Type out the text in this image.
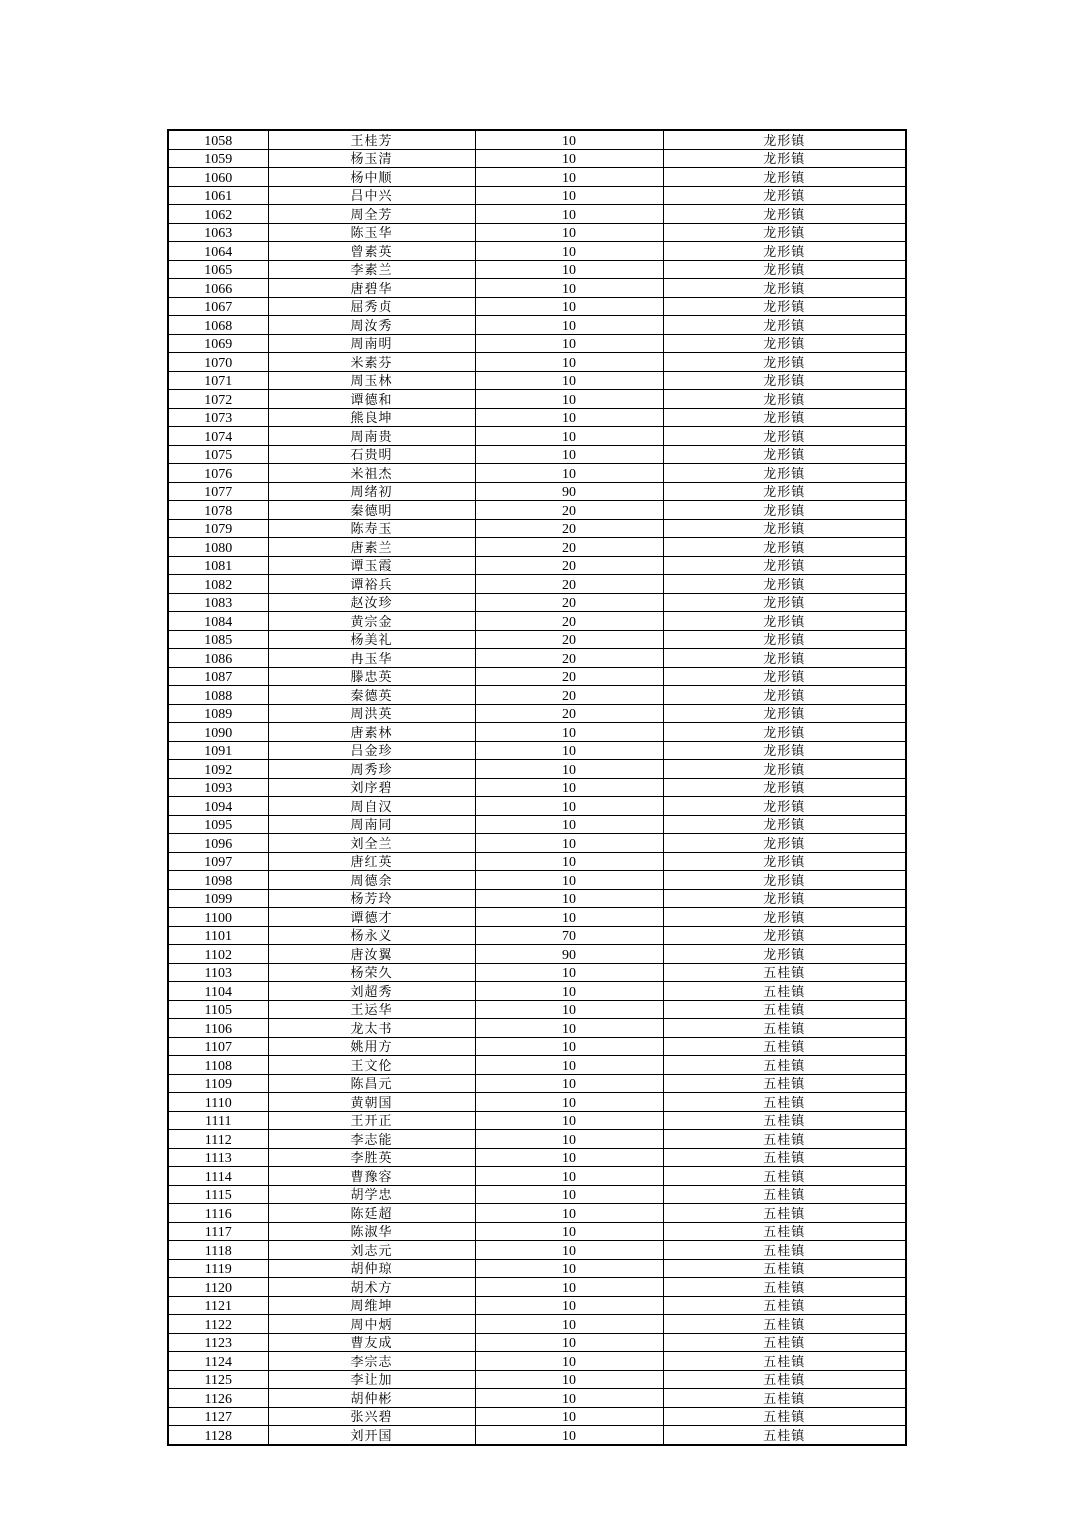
1058	王桂芳	10	龙形镇
1059	杨玉清	10	龙形镇
1060	杨中顺	10	龙形镇
1061	吕中兴	10	龙形镇
1062	周全芳	10	龙形镇
1063	陈玉华	10	龙形镇
1064	曾素英	10	龙形镇
1065	李素兰	10	龙形镇
1066	唐碧华	10	龙形镇
1067	屈秀贞	10	龙形镇
1068	周汝秀	10	龙形镇
1069	周南明	10	龙形镇
1070	米素芬	10	龙形镇
1071	周玉林	10	龙形镇
1072	谭德和	10	龙形镇
1073	熊良坤	10	龙形镇
1074	周南贵	10	龙形镇
1075	石贵明	10	龙形镇
1076	米祖杰	10	龙形镇
1077	周绪初	90	龙形镇
1078	秦德明	20	龙形镇
1079	陈寿玉	20	龙形镇
1080	唐素兰	20	龙形镇
1081	谭玉霞	20	龙形镇
1082	谭裕兵	20	龙形镇
1083	赵汝珍	20	龙形镇
1084	黄宗金	20	龙形镇
1085	杨美礼	20	龙形镇
1086	冉玉华	20	龙形镇
1087	滕忠英	20	龙形镇
1088	秦德英	20	龙形镇
1089	周洪英	20	龙形镇
1090	唐素林	10	龙形镇
1091	吕金珍	10	龙形镇
1092	周秀珍	10	龙形镇
1093	刘序碧	10	龙形镇
1094	周自汉	10	龙形镇
1095	周南同	10	龙形镇
1096	刘全兰	10	龙形镇
1097	唐红英	10	龙形镇
1098	周德余	10	龙形镇
1099	杨芳玲	10	龙形镇
1100	谭德才	10	龙形镇
1101	杨永义	70	龙形镇
1102	唐汝翼	90	龙形镇
1103	杨荣久	10	五桂镇
1104	刘超秀	10	五桂镇
1105	王运华	10	五桂镇
1106	龙太书	10	五桂镇
1107	姚用方	10	五桂镇
1108	王文伦	10	五桂镇
1109	陈昌元	10	五桂镇
1110	黄朝国	10	五桂镇
1111	王开正	10	五桂镇
1112	李志能	10	五桂镇
1113	李胜英	10	五桂镇
1114	曹豫容	10	五桂镇
1115	胡学忠	10	五桂镇
1116	陈廷超	10	五桂镇
1117	陈淑华	10	五桂镇
1118	刘志元	10	五桂镇
1119	胡仲琼	10	五桂镇
1120	胡术方	10	五桂镇
1121	周维坤	10	五桂镇
1122	周中炳	10	五桂镇
1123	曹友成	10	五桂镇
1124	李宗志	10	五桂镇
1125	李让加	10	五桂镇
1126	胡仲彬	10	五桂镇
1127	张兴碧	10	五桂镇
1128	刘开国	10	五桂镇
